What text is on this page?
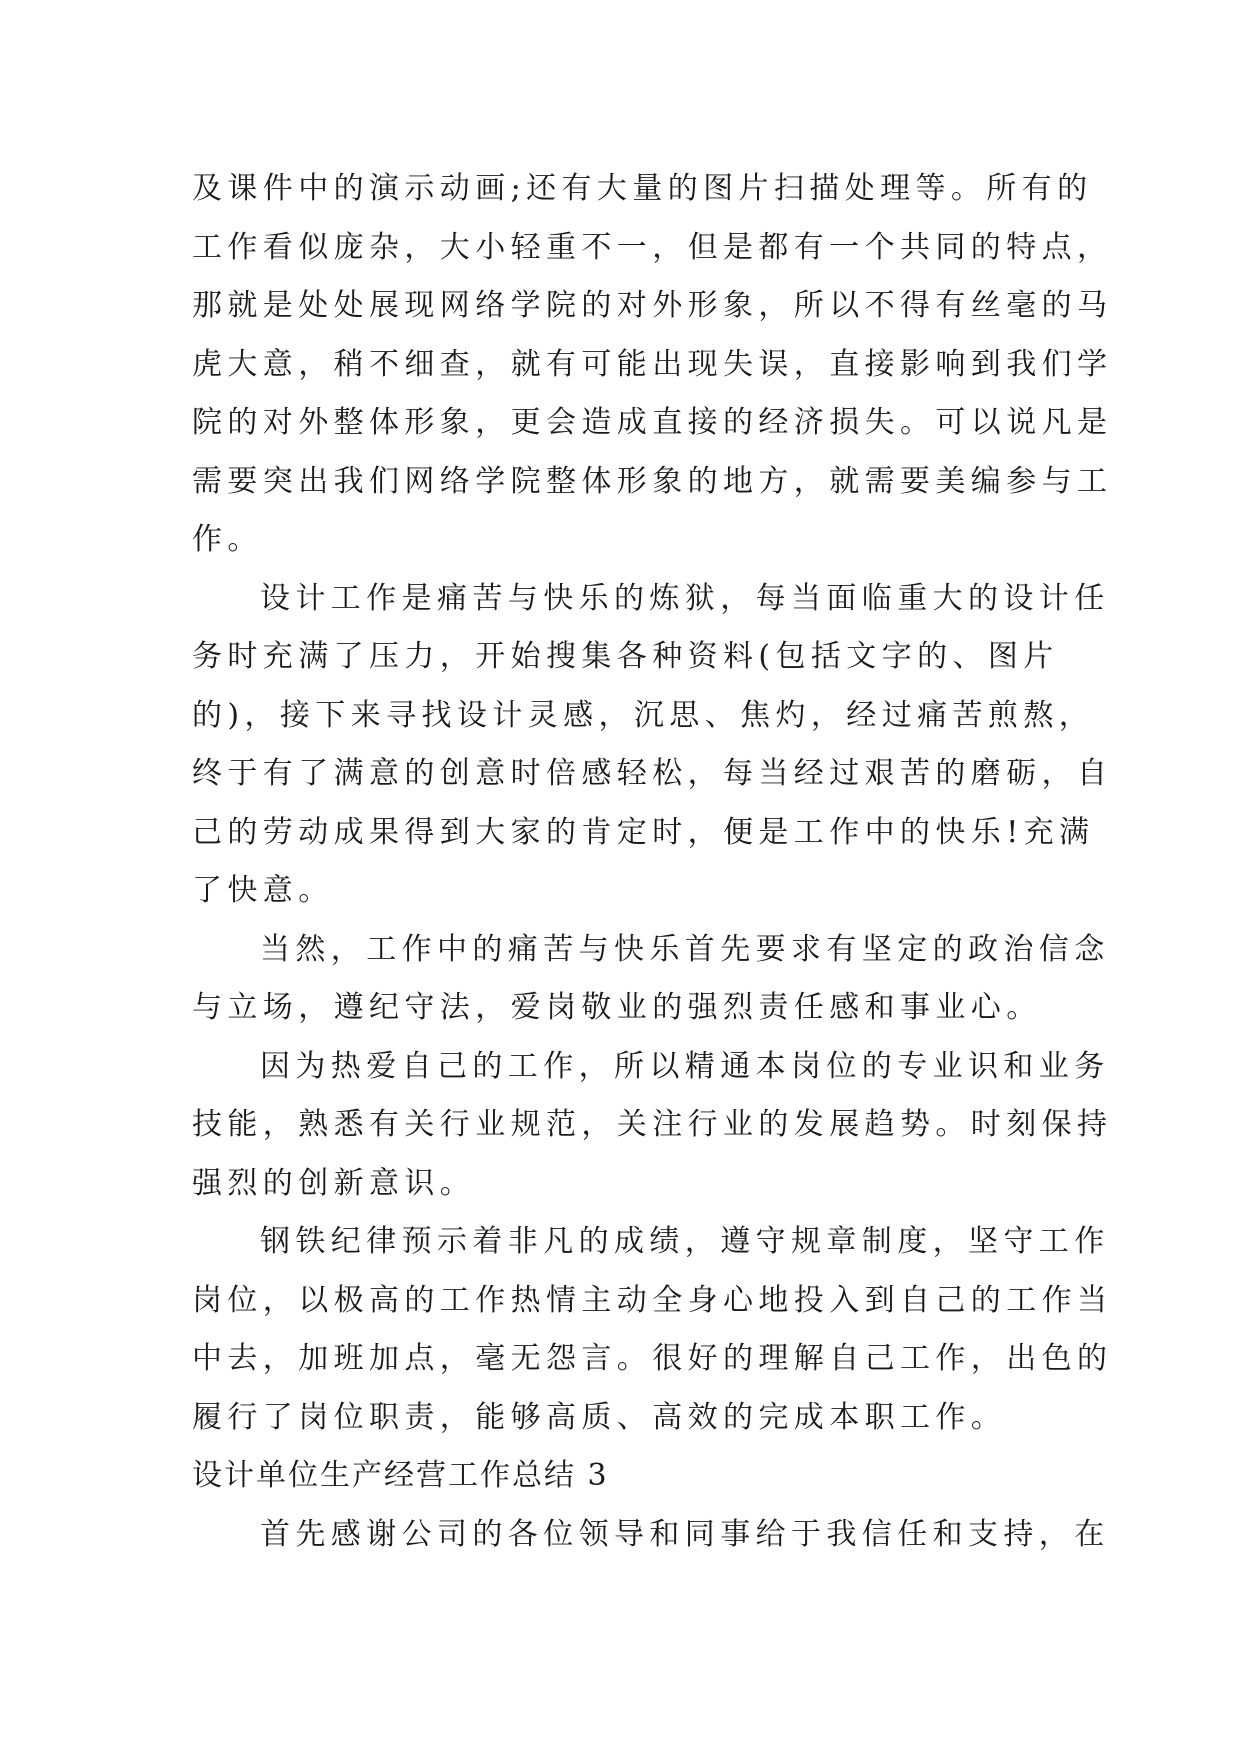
及课件中的演示动画;还有大量的图片扫描处理等。所有的
工作看似庞杂，大小轻重不一，但是都有一个共同的特点，
那就是处处展现网络学院的对外形象，所以不得有丝毫的马
虎大意，稍不细查，就有可能出现失误，直接影响到我们学
院的对外整体形象，更会造成直接的经济损失。可以说凡是
需要突出我们网络学院整体形象的地方，就需要美编参与工
作。
设计工作是痛苦与快乐的炼狱，每当面临重大的设计任
务时充满了压力，开始搜集各种资料(包括文字的、图片
的)，接下来寻找设计灵感，沉思、焦灼，经过痛苦煎熬，
终于有了满意的创意时倍感轻松，每当经过艰苦的磨砺，自
己的劳动成果得到大家的肯定时，便是工作中的快乐!充满
了快意。
当然，工作中的痛苦与快乐首先要求有坚定的政治信念
与立场，遵纪守法，爱岗敬业的强烈责任感和事业心。
因为热爱自己的工作，所以精通本岗位的专业识和业务
技能，熟悉有关行业规范，关注行业的发展趋势。时刻保持
强烈的创新意识。
钢铁纪律预示着非凡的成绩，遵守规章制度，坚守工作
岗位，以极高的工作热情主动全身心地投入到自己的工作当
中去，加班加点，毫无怨言。很好的理解自己工作，出色的
履行了岗位职责，能够高质、高效的完成本职工作。
设计单位生产经营工作总结 3
首先感谢公司的各位领导和同事给于我信任和支持，在
